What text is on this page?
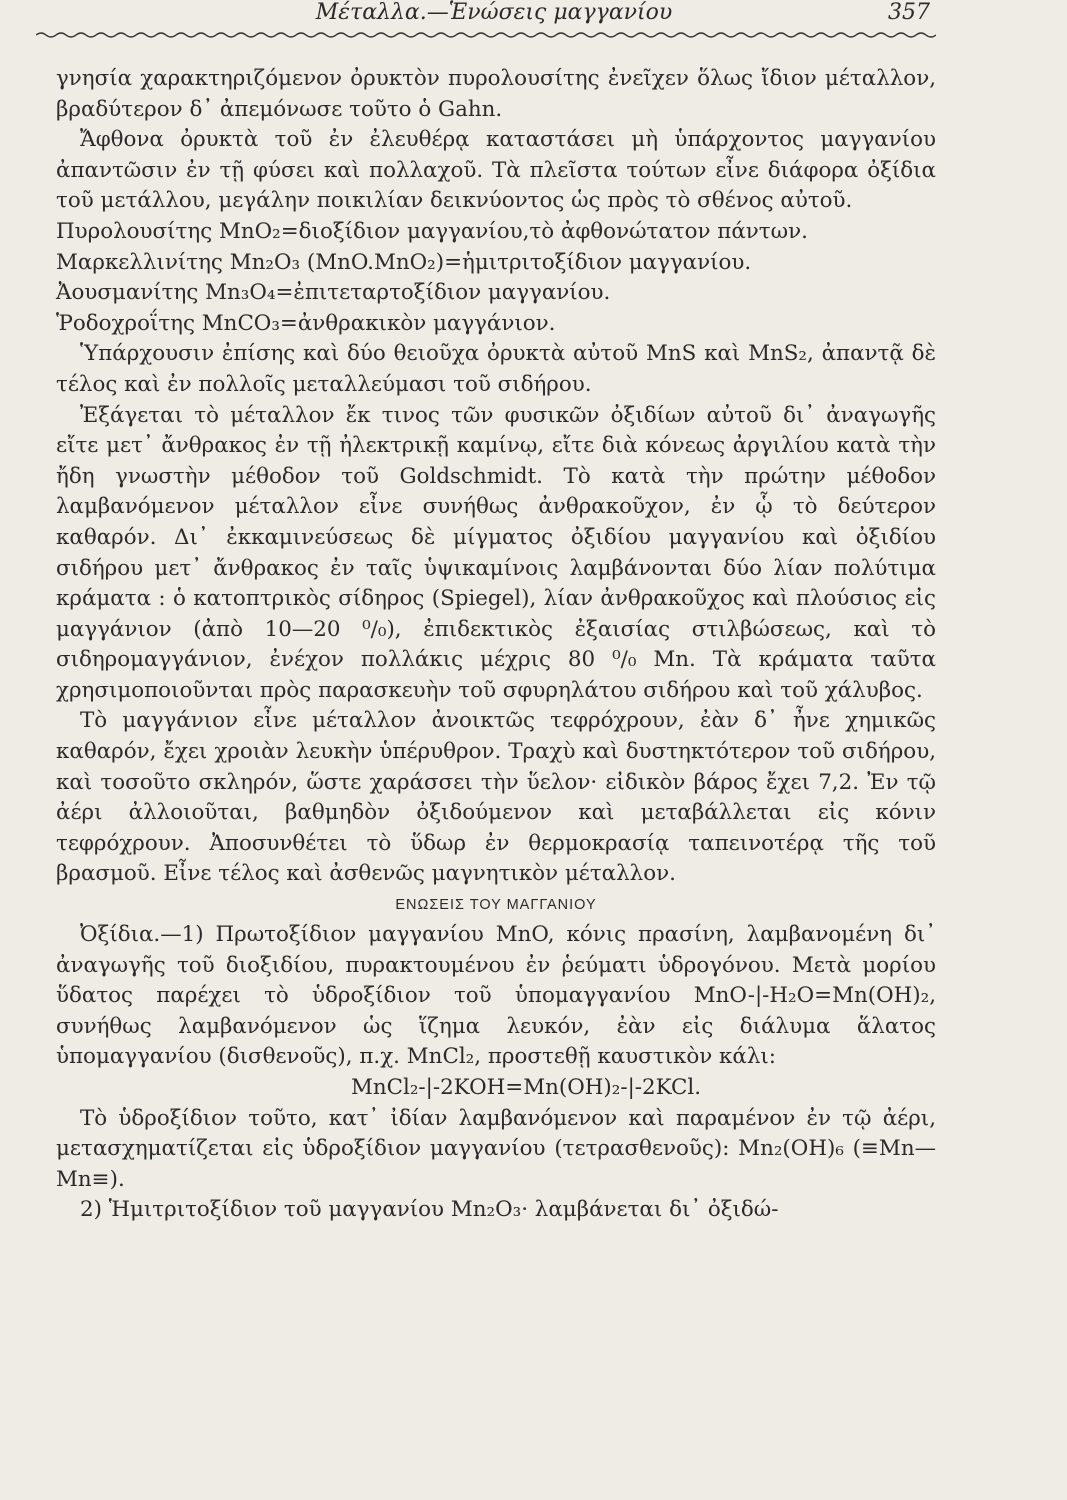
Μέταλλα.—Ἑνώσεις μαγγανίου	357

γνησία χαρακτηριζόμενον ὀρυκτὸν πυρολουσίτης ἐνεῖχεν ὅλως ἴδιον μέταλλον, βραδύτερον δ᾿ ἀπεμόνωσε τοῦτο ὁ Gahn.

Ἄφθονα ὀρυκτὰ τοῦ ἐν ἐλευθέρᾳ καταστάσει μὴ ὑπάρχοντος μαγγανίου ἀπαντῶσιν ἐν τῇ φύσει καὶ πολλαχοῦ. Τὰ πλεῖστα τούτων εἶνε διάφορα ὀξίδια τοῦ μετάλλου, μεγάλην ποικιλίαν δεικνύοντος ὡς πρὸς τὸ σθένος αὐτοῦ.

Πυρολουσίτης MnO₂=διοξίδιον μαγγανίου,τὸ ἀφθονώτατον πάντων.

Μαρκελλινίτης Mn₂O₃ (MnO.MnO₂)=ἡμιτριτοξίδιον μαγγανίου.

Ἀουσμανίτης Mn₃O₄=ἐπιτεταρτοξίδιον μαγγανίου.

Ῥοδοχροΐτης MnCO₃=ἀνθρακικὸν μαγγάνιον.

Ὑπάρχουσιν ἐπίσης καὶ δύο θειοῦχα ὀρυκτὰ αὐτοῦ MnS καὶ MnS₂, ἀπαντᾷ δὲ τέλος καὶ ἐν πολλοῖς μεταλλεύμασι τοῦ σιδήρου.

Ἐξάγεται τὸ μέταλλον ἔκ τινος τῶν φυσικῶν ὀξιδίων αὐτοῦ δι᾿ ἀναγωγῆς εἴτε μετ᾿ ἄνθρακος ἐν τῇ ἠλεκτρικῇ καμίνῳ, εἴτε διὰ κόνεως ἀργιλίου κατὰ τὴν ἤδη γνωστὴν μέθοδον τοῦ Goldschmidt. Τὸ κατὰ τὴν πρώτην μέθοδον λαμβανόμενον μέταλλον εἶνε συνήθως ἀνθρακοῦχον, ἐν ᾧ τὸ δεύτερον καθαρόν. Δι᾿ ἐκκαμινεύσεως δὲ μίγματος ὀξιδίου μαγγανίου καὶ ὀξιδίου σιδήρου μετ᾿ ἄνθρακος ἐν ταῖς ὑψικαμίνοις λαμβάνονται δύο λίαν πολύτιμα κράματα : ὁ κατοπτρικὸς σίδηρος (Spiegel), λίαν ἀνθρακοῦχος καὶ πλούσιος εἰς μαγγάνιον (ἀπὸ 10—20 ⁰/₀), ἐπιδεκτικὸς ἐξαισίας στιλβώσεως, καὶ τὸ σιδηρομαγγάνιον, ἐνέχον πολλάκις μέχρις 80 ⁰/₀ Mn. Τὰ κράματα ταῦτα χρησιμοποιοῦνται πρὸς παρασκευὴν τοῦ σφυρηλάτου σιδήρου καὶ τοῦ χάλυβος.

Τὸ μαγγάνιον εἶνε μέταλλον ἀνοικτῶς τεφρόχρουν, ἐὰν δ᾿ ἦνε χημικῶς καθαρόν, ἔχει χροιὰν λευκὴν ὑπέρυθρον. Τραχὺ καὶ δυστηκτότερον τοῦ σιδήρου, καὶ τοσοῦτο σκληρόν, ὥστε χαράσσει τὴν ὕελον· εἰδικὸν βάρος ἔχει 7,2. Ἐν τῷ ἀέρι ἀλλοιοῦται, βαθμηδὸν ὀξιδούμενον καὶ μεταβάλλεται εἰς κόνιν τεφρόχρουν. Ἀποσυνθέτει τὸ ὕδωρ ἐν θερμοκρασίᾳ ταπεινοτέρᾳ τῆς τοῦ βρασμοῦ. Εἶνε τέλος καὶ ἀσθενῶς μαγνητικὸν μέταλλον.

ΕΝΩΣΕΙΣ ΤΟΥ ΜΑΓΓΑΝΙΟΥ

Ὀξίδια.—1) Πρωτοξίδιον μαγγανίου MnO, κόνις πρασίνη, λαμβανομένη δι᾿ ἀναγωγῆς τοῦ διοξιδίου, πυρακτουμένου ἐν ῥεύματι ὑδρογόνου. Μετὰ μορίου ὕδατος παρέχει τὸ ὑδροξίδιον τοῦ ὑπομαγγανίου MnO-|-H₂O=Mn(OH)₂, συνήθως λαμβανόμενον ὡς ἵζημα λευκόν, ἐὰν εἰς διάλυμα ἅλατος ὑπομαγγανίου (δισθενοῦς), π.χ. MnCl₂, προστεθῇ καυστικὸν κάλι:

MnCl₂-|-2KOH=Mn(OH)₂-|-2KCl.

Τὸ ὑδροξίδιον τοῦτο, κατ᾿ ἰδίαν λαμβανόμενον καὶ παραμένον ἐν τῷ ἀέρι, μετασχηματίζεται εἰς ὑδροξίδιον μαγγανίου (τετρασθενοῦς): Mn₂(OH)₆ (≡Mn—Mn≡).

2) Ἡμιτριτοξίδιον τοῦ μαγγανίου Mn₂O₃· λαμβάνεται δι᾿ ὀξιδώ-
